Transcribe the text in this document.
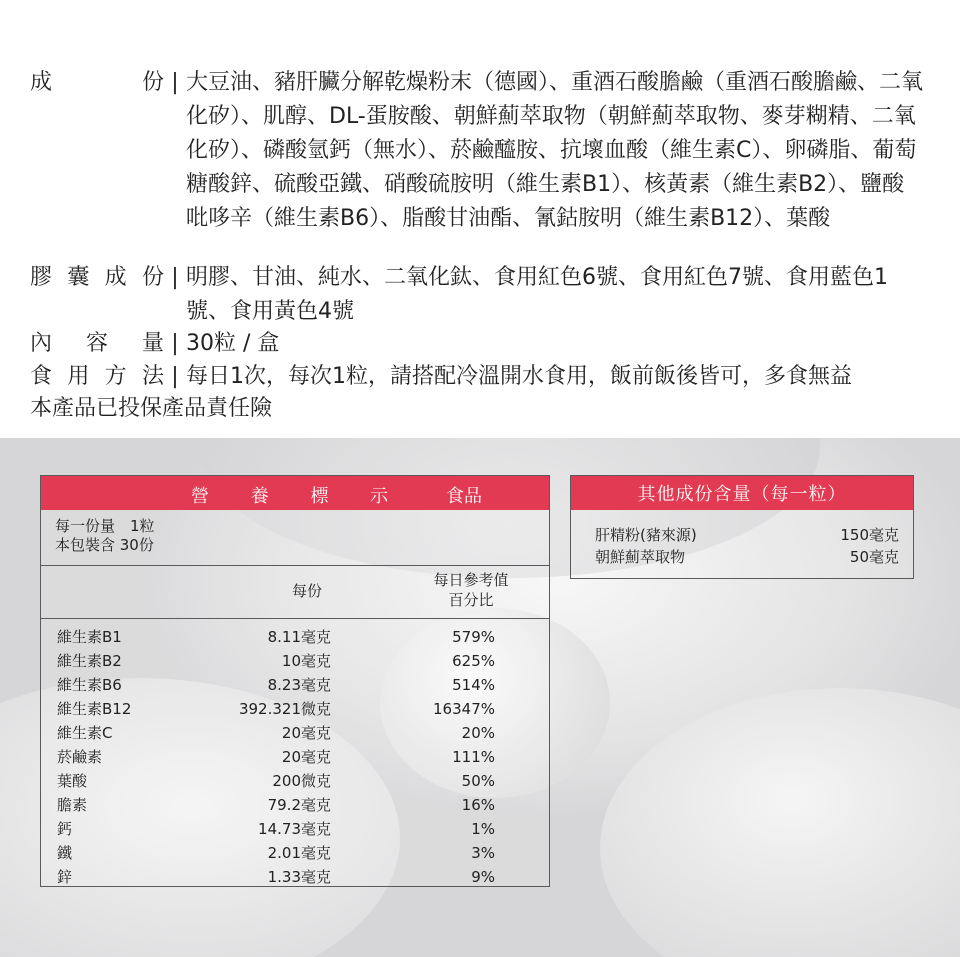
成	份 | 大豆油、豬肝臟分解乾燥粉末（德國）、重酒石酸膽鹼（重酒石酸膽鹼、二氧化矽）、肌醇、DL-蛋胺酸、朝鮮薊萃取物（朝鮮薊萃取物、麥芽糊精、二氧化矽）、磷酸氫鈣（無水）、菸鹼醯胺、抗壞血酸（維生素C）、卵磷脂、葡萄糖酸鋅、硫酸亞鐵、硝酸硫胺明（維生素B1）、核黃素（維生素B2）、鹽酸吡哆辛（維生素B6）、脂酸甘油酯、氰鈷胺明（維生素B12）、葉酸
膠 囊 成 份 | 明膠、甘油、純水、二氧化鈦、食用紅色6號、食用紅色7號、食用藍色1號、食用黃色4號
內 容 量 | 30粒 / 盒
食 用 方 法 | 每日1次，每次1粒，請搭配冷溫開水食用，飯前飯後皆可，多食無益
本產品已投保產品責任險
營 養 標 示 食品
每一份量　1粒
本包裝含 30份
每份
每日參考值
百分比
維生素B1	8.11毫克	579%
維生素B2	10毫克	625%
維生素B6	8.23毫克	514%
維生素B12	392.321微克	16347%
維生素C	20毫克	20%
菸鹼素	20毫克	111%
葉酸	200微克	50%
膽素	79.2毫克	16%
鈣	14.73毫克	1%
鐵	2.01毫克	3%
鋅	1.33毫克	9%
其他成份含量（每一粒）
肝精粉(豬來源)	150毫克
朝鮮薊萃取物	50毫克
